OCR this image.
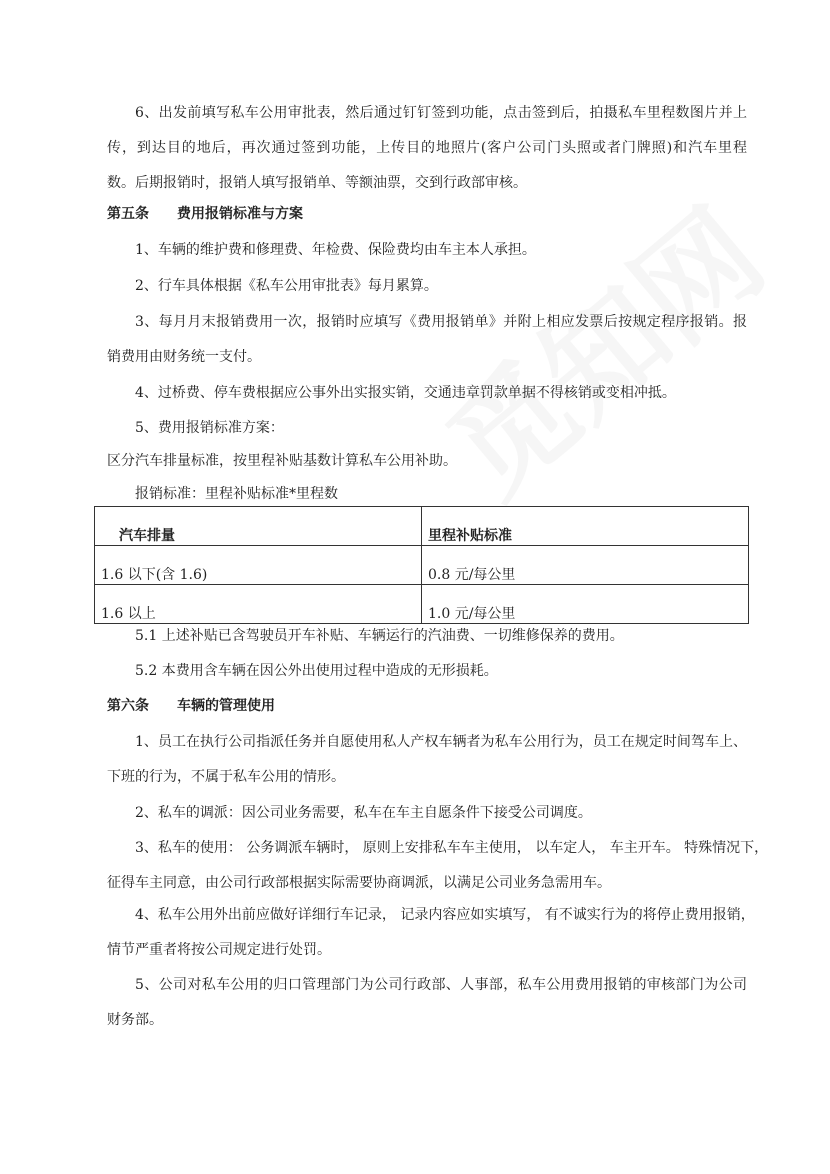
6、出发前填写私车公用审批表，然后通过钉钉签到功能，点击签到后，拍摄私车里程数图片并上
传，到达目的地后，再次通过签到功能，上传目的地照片(客户公司门头照或者门牌照)和汽车里程
数。后期报销时，报销人填写报销单、等额油票，交到行政部审核。
第五条 费用报销标准与方案
1、车辆的维护费和修理费、年检费、保险费均由车主本人承担。
2、行车具体根据《私车公用审批表》每月累算。
3、每月月末报销费用一次，报销时应填写《费用报销单》并附上相应发票后按规定程序报销。报
销费用由财务统一支付。
4、过桥费、停车费根据应公事外出实报实销，交通违章罚款单据不得核销或变相冲抵。
5、费用报销标准方案：
区分汽车排量标准，按里程补贴基数计算私车公用补助。
报销标准：里程补贴标准*里程数
汽车排量	里程补贴标准
1.6 以下(含 1.6)	0.8 元/每公里
1.6 以上	1.0 元/每公里
5.1 上述补贴已含驾驶员开车补贴、车辆运行的汽油费、一切维修保养的费用。
5.2 本费用含车辆在因公外出使用过程中造成的无形损耗。
第六条 车辆的管理使用
1、员工在执行公司指派任务并自愿使用私人产权车辆者为私车公用行为，员工在规定时间驾车上、
下班的行为，不属于私车公用的情形。
2、私车的调派：因公司业务需要，私车在车主自愿条件下接受公司调度。
3、私车的使用： 公务调派车辆时， 原则上安排私车车主使用， 以车定人， 车主开车。 特殊情况下，
征得车主同意，由公司行政部根据实际需要协商调派，以满足公司业务急需用车。
4、私车公用外出前应做好详细行车记录， 记录内容应如实填写， 有不诚实行为的将停止费用报销，
情节严重者将按公司规定进行处罚。
5、公司对私车公用的归口管理部门为公司行政部、人事部，私车公用费用报销的审核部门为公司
财务部。
